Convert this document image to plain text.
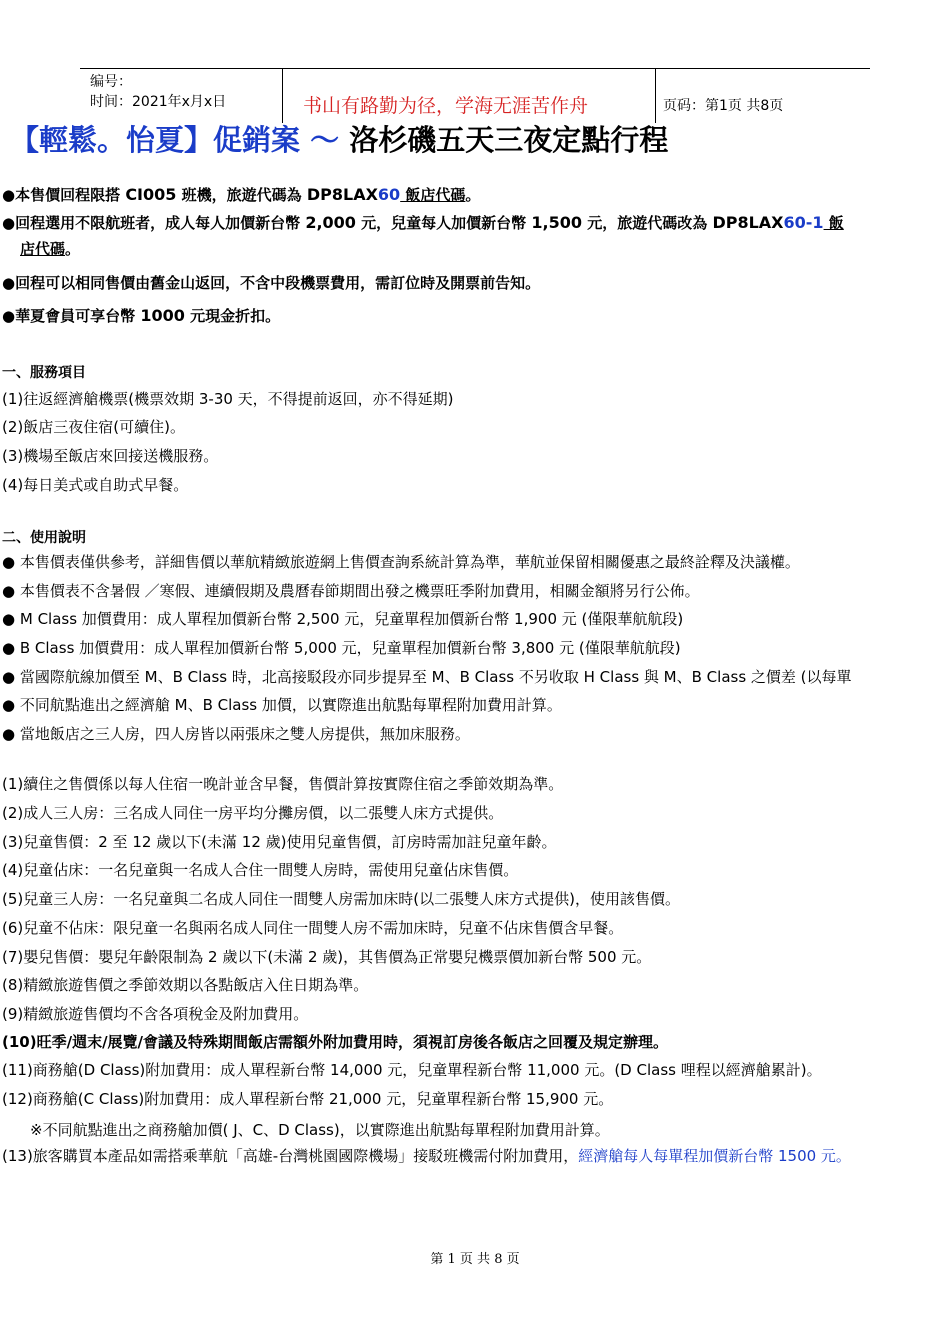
编号：
时间：2021年x月x日	书山有路勤为径，学海无涯苦作舟	页码：第1页 共8页
【輕鬆。怡夏】促銷案 ～ 洛杉磯五天三夜定點行程
●本售價回程限搭 CI005 班機，旅遊代碼為 DP8LAX60 飯店代碼。
●回程選用不限航班者，成人每人加價新台幣 2,000 元，兒童每人加價新台幣 1,500 元，旅遊代碼改為 DP8LAX60-1 飯
店代碼。
●回程可以相同售價由舊金山返回，不含中段機票費用，需訂位時及開票前告知。
●華夏會員可享台幣 1000 元現金折扣。
一、服務項目
(1)往返經濟艙機票(機票效期 3-30 天，不得提前返回，亦不得延期)
(2)飯店三夜住宿(可續住)。
(3)機場至飯店來回接送機服務。
(4)每日美式或自助式早餐。
二、使用說明
● 本售價表僅供參考，詳細售價以華航精緻旅遊網上售價查詢系統計算為準，華航並保留相關優惠之最終詮釋及決議權。
● 本售價表不含暑假 ／寒假、連續假期及農曆春節期間出發之機票旺季附加費用，相關金額將另行公佈。
● M Class 加價費用：成人單程加價新台幣 2,500 元，兒童單程加價新台幣 1,900 元 (僅限華航航段)
● B Class 加價費用：成人單程加價新台幣 5,000 元，兒童單程加價新台幣 3,800 元 (僅限華航航段)
● 當國際航線加價至 M、B Class 時，北高接駁段亦同步提昇至 M、B Class 不另收取 H Class 與 M、B Class 之價差 (以每單
● 不同航點進出之經濟艙 M、B Class 加價，以實際進出航點每單程附加費用計算。
● 當地飯店之三人房，四人房皆以兩張床之雙人房提供，無加床服務。
(1)續住之售價係以每人住宿一晚計並含早餐，售價計算按實際住宿之季節效期為準。
(2)成人三人房：三名成人同住一房平均分攤房價，以二張雙人床方式提供。
(3)兒童售價：2 至 12 歲以下(未滿 12 歲)使用兒童售價，訂房時需加註兒童年齡。
(4)兒童佔床：一名兒童與一名成人合住一間雙人房時，需使用兒童佔床售價。
(5)兒童三人房：一名兒童與二名成人同住一間雙人房需加床時(以二張雙人床方式提供)，使用該售價。
(6)兒童不佔床：限兒童一名與兩名成人同住一間雙人房不需加床時，兒童不佔床售價含早餐。
(7)嬰兒售價：嬰兒年齡限制為 2 歲以下(未滿 2 歲)，其售價為正常嬰兒機票價加新台幣 500 元。
(8)精緻旅遊售價之季節效期以各點飯店入住日期為準。
(9)精緻旅遊售價均不含各項稅金及附加費用。
(10)旺季/週末/展覽/會議及特殊期間飯店需額外附加費用時，須視訂房後各飯店之回覆及規定辦理。
(11)商務艙(D Class)附加費用：成人單程新台幣 14,000 元，兒童單程新台幣 11,000 元。(D Class 哩程以經濟艙累計)。
(12)商務艙(C Class)附加費用：成人單程新台幣 21,000 元，兒童單程新台幣 15,900 元。
※不同航點進出之商務艙加價( J、C、D Class)，以實際進出航點每單程附加費用計算。
(13)旅客購買本產品如需搭乘華航「高雄-台灣桃園國際機場」接駁班機需付附加費用，經濟艙每人每單程加價新台幣 1500 元。
第 1 页 共 8 页
